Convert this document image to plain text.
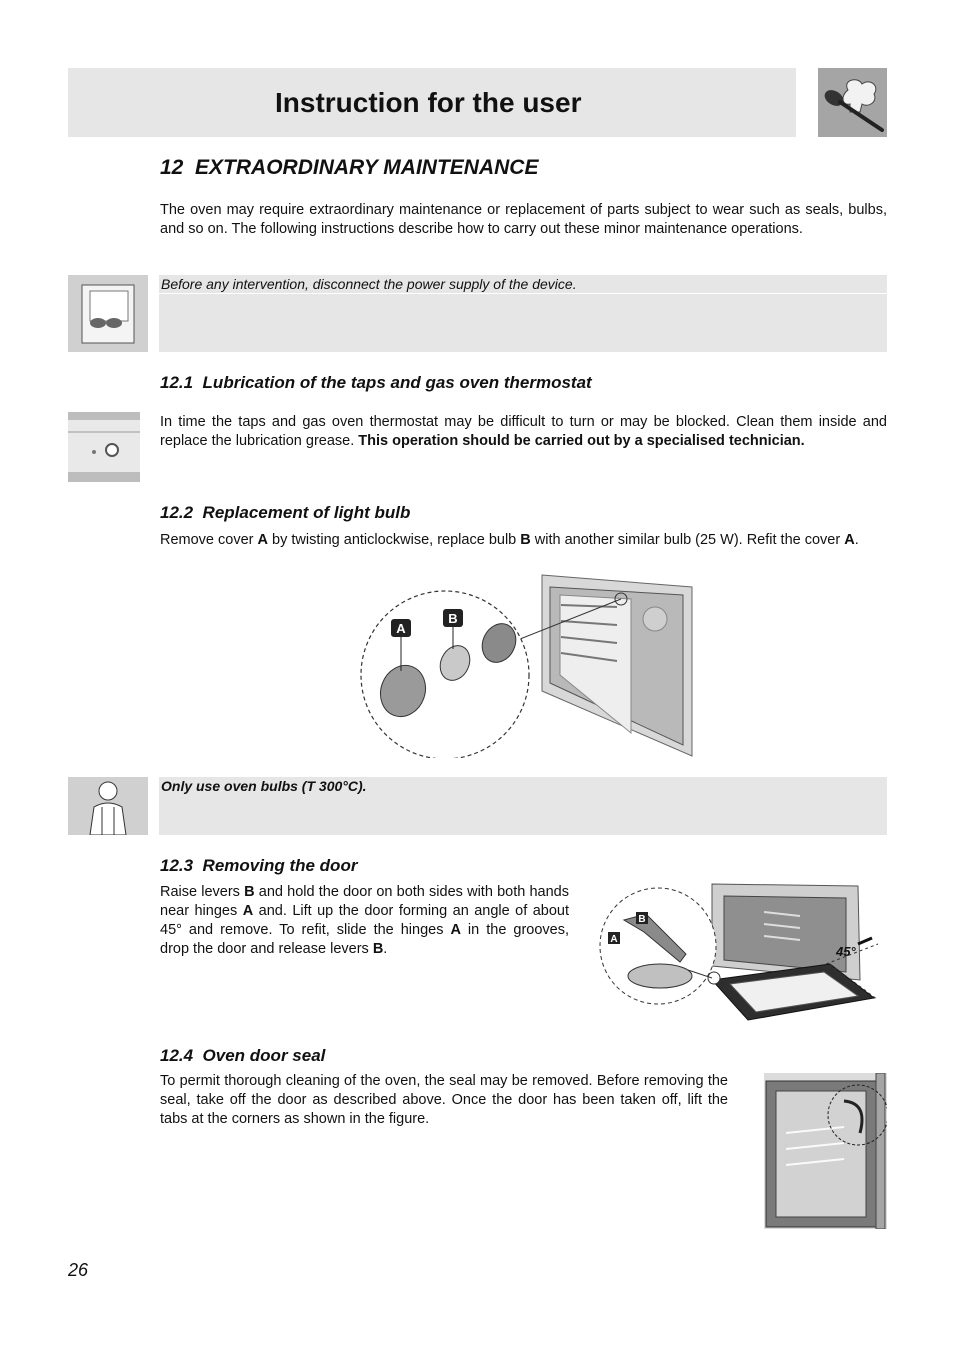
Instruction for the user
12 EXTRAORDINARY MAINTENANCE

The oven may require extraordinary maintenance or replacement of parts subject to wear such as seals, bulbs, and so on. The following instructions describe how to carry out these minor maintenance operations.

Before any intervention, disconnect the power supply of the device.

12.1 Lubrication of the taps and gas oven thermostat

In time the taps and gas oven thermostat may be difficult to turn or may be blocked. Clean them inside and replace the lubrication grease. This operation should be carried out by a specialised technician.

12.2 Replacement of light bulb

Remove cover A by twisting anticlockwise, replace bulb B with another similar bulb (25 W). Refit the cover A.

A
B

Only use oven bulbs (T 300°C).

12.3 Removing the door

Raise levers B and hold the door on both sides with both hands near hinges A and. Lift up the door forming an angle of about 45° and remove. To refit, slide the hinges A in the grooves, drop the door and release levers B.	45°
A
B
12.4 Oven door seal

To permit thorough cleaning of the oven, the seal may be removed. Before removing the seal, take off the door as described above. Once the door has been taken off, lift the tabs at the corners as shown in the figure.

26
